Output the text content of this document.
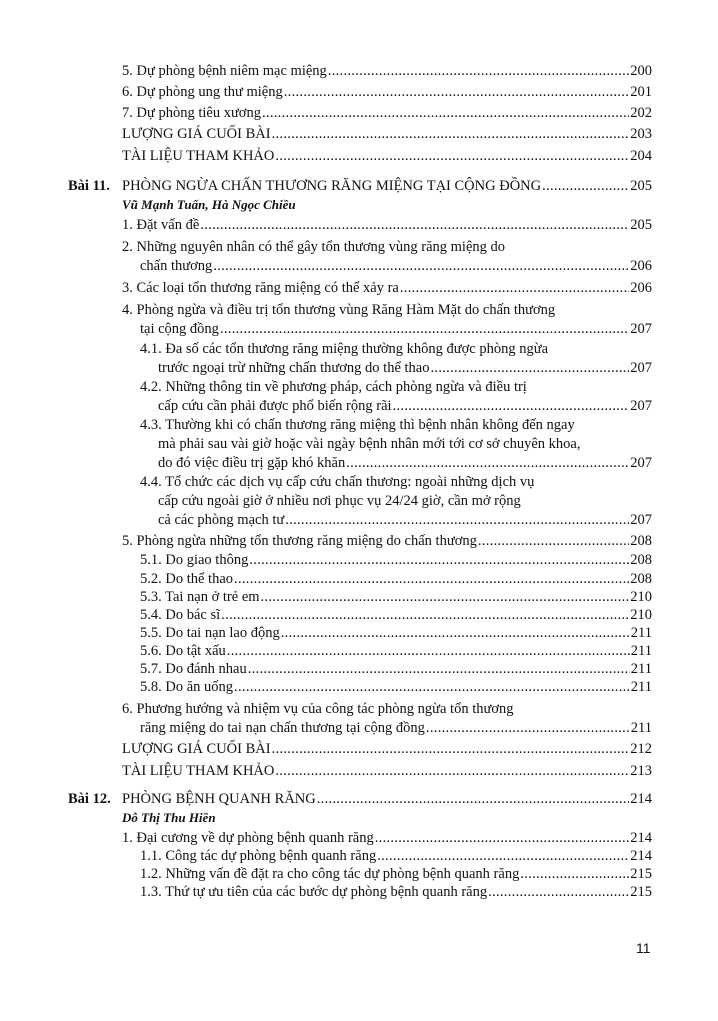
5. Dự phòng bệnh niêm mạc miệng .....	200
6. Dự phòng ung thư miệng .....	201
7. Dự phòng tiêu xương .....	202
LƯỢNG GIÁ CUỐI BÀI .....	203
TÀI LIỆU THAM KHẢO .....	204
Bài 11. PHÒNG NGỪA CHẤN THƯƠNG RĂNG MIỆNG TẠI CỘNG ĐỒNG .....	205
Vũ Mạnh Tuấn, Hà Ngọc Chiều
1. Đặt vấn đề .....	205
2. Những nguyên nhân có thể gây tổn thương vùng răng miệng do
chấn thương .....	206
3. Các loại tổn thương răng miệng có thể xảy ra .....	206
4. Phòng ngừa và điều trị tổn thương vùng Răng Hàm Mặt do chấn thương
tại cộng đồng .....	207
4.1. Đa số các tổn thương răng miệng thường không được phòng ngừa
trước ngoại trừ những chấn thương do thể thao .....	207
4.2. Những thông tin về phương pháp, cách phòng ngừa và điều trị
cấp cứu cần phải được phổ biến rộng rãi .....	207
4.3. Thường khi có chấn thương răng miệng thì bệnh nhân không đến ngay
mà phải sau vài giờ hoặc vài ngày bệnh nhân mới tới cơ sở chuyên khoa,
do đó việc điều trị gặp khó khăn .....	207
4.4. Tổ chức các dịch vụ cấp cứu chấn thương: ngoài những dịch vụ
cấp cứu ngoài giờ ở nhiều nơi phục vụ 24/24 giờ, cần mở rộng
cả các phòng mạch tư .....	207
5. Phòng ngừa những tổn thương răng miệng do chấn thương .....	208
5.1. Do giao thông .....	208
5.2. Do thể thao .....	208
5.3. Tai nạn ở trẻ em .....	210
5.4. Do bác sĩ .....	210
5.5. Do tai nạn lao động .....	211
5.6. Do tật xấu .....	211
5.7. Do đánh nhau .....	211
5.8. Do ăn uống .....	211
6. Phương hướng và nhiệm vụ của công tác phòng ngừa tổn thương
răng miệng do tai nạn chấn thương tại cộng đồng .....	211
LƯỢNG GIÁ CUỐI BÀI .....	212
TÀI LIỆU THAM KHẢO .....	213
Bài 12. PHÒNG BỆNH QUANH RĂNG .....	214
Dỗ Thị Thu Hiền
1. Đại cương về dự phòng bệnh quanh răng .....	214
1.1. Công tác dự phòng bệnh quanh răng .....	214
1.2. Những vấn đề đặt ra cho công tác dự phòng bệnh quanh răng .....	215
1.3. Thứ tự ưu tiên của các bước dự phòng bệnh quanh răng .....	215
11
